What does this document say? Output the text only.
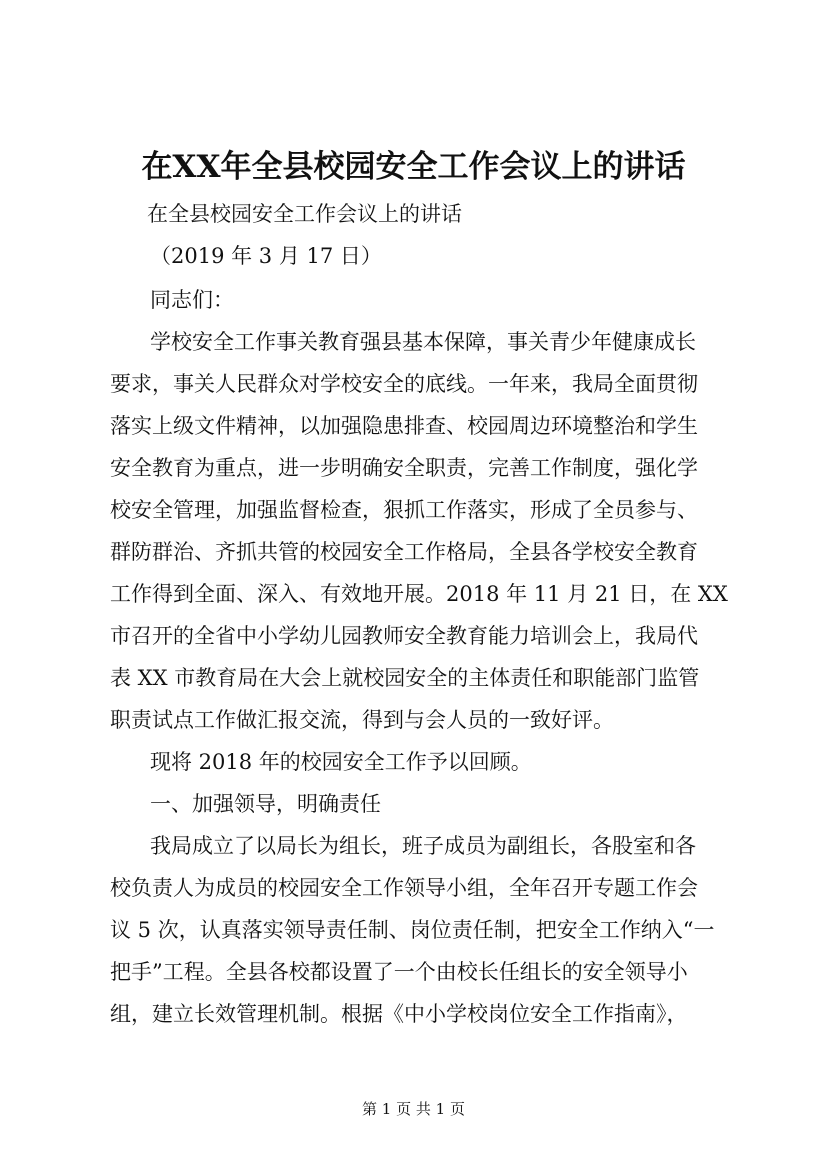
在XX年全县校园安全工作会议上的讲话
在全县校园安全工作会议上的讲话
（2019 年 3 月 17 日）
同志们：
学校安全工作事关教育强县基本保障，事关青少年健康成长
要求，事关人民群众对学校安全的底线。一年来，我局全面贯彻
落实上级文件精神，以加强隐患排查、校园周边环境整治和学生
安全教育为重点，进一步明确安全职责，完善工作制度，强化学
校安全管理，加强监督检查，狠抓工作落实，形成了全员参与、
群防群治、齐抓共管的校园安全工作格局，全县各学校安全教育
工作得到全面、深入、有效地开展。2018 年 11 月 21 日，在 XX
市召开的全省中小学幼儿园教师安全教育能力培训会上，我局代
表 XX 市教育局在大会上就校园安全的主体责任和职能部门监管
职责试点工作做汇报交流，得到与会人员的一致好评。
现将 2018 年的校园安全工作予以回顾。
一、加强领导，明确责任
我局成立了以局长为组长，班子成员为副组长，各股室和各
校负责人为成员的校园安全工作领导小组，全年召开专题工作会
议 5 次，认真落实领导责任制、岗位责任制，把安全工作纳入“一
把手”工程。全县各校都设置了一个由校长任组长的安全领导小
组，建立长效管理机制。根据《中小学校岗位安全工作指南》，
第 1 页 共 1 页
